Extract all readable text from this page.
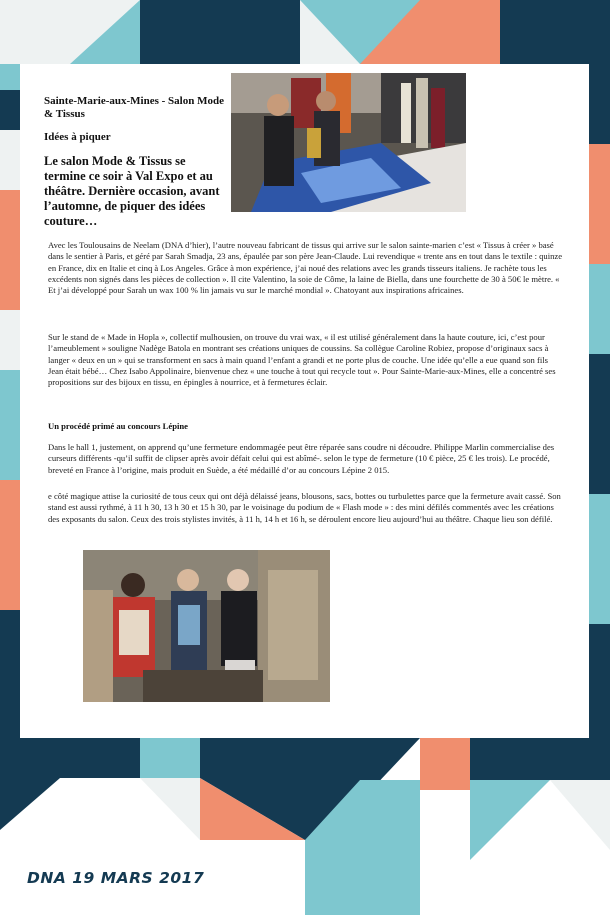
Sainte-Marie-aux-Mines - Salon Mode & Tissus

Idées à piquer

Le salon Mode & Tissus se termine ce soir à Val Expo et au théâtre. Dernière occasion, avant l’automne, de piquer des idées couture…

Avec les Toulousains de Neelam (DNA d’hier), l’autre nouveau fabricant de tissus qui arrive sur le salon sainte-marien c’est « Tissus à créer » basé dans le sentier à Paris, et géré par Sarah Smadja, 23 ans, épaulée par son père Jean-Claude. Lui revendique « trente ans en tout dans le textile : quinze en France, dix en Italie et cinq à Los Angeles. Grâce à mon expérience, j’ai noué des relations avec les grands tisseurs italiens. Je rachète tous les excédents non signés dans les pièces de collection ». Il cite Valentino, la soie de Côme, la laine de Biella, dans une fourchette de 30 à 50€ le mètre. « Et j’ai développé pour Sarah un wax 100 % lin jamais vu sur le marché mondial ». Chatoyant aux inspirations africaines.

Sur le stand de « Made in Hopla », collectif mulhousien, on trouve du vrai wax, « il est utilisé généralement dans la haute couture, ici, c’est pour l’ameublement » souligne Nadège Batola en montrant ses créations uniques de coussins. Sa collègue Caroline Robiez, propose d’originaux sacs à langer « deux en un » qui se transforment en sacs à main quand l’enfant a grandi et ne porte plus de couche. Une idée qu’elle a eue quand son fils Jean était bébé… Chez Isabo Appolinaire, bienvenue chez « une touche à tout qui recycle tout ». Pour Sainte-Marie-aux-Mines, elle a concentré ses propositions sur des bijoux en tissu, en épingles à nourrice, et à fermetures éclair.

Un procédé primé au concours Lépine

Dans le hall 1, justement, on apprend qu’une fermeture endommagée peut être réparée sans coudre ni découdre. Philippe Marlin commercialise des curseurs différents -qu’il suffit de clipser après avoir défait celui qui est abîmé-. selon le type de fermeture (10 € pièce, 25 € les trois). Le procédé, breveté en France à l’origine, mais produit en Suède, a été médaillé d’or au concours Lépine 2 015.

e côté magique attise la curiosité de tous ceux qui ont déjà délaissé jeans, blousons, sacs, bottes ou turbulettes parce que la fermeture avait cassé. Son stand est aussi rythmé, à 11 h 30, 13 h 30 et 15 h 30, par le voisinage du podium de « Flash mode » : des mini défilés commentés avec les créations des exposants du salon. Ceux des trois stylistes invités, à 11 h, 14 h et 16 h, se déroulent encore lieu aujourd’hui au théâtre. Chaque lieu son défilé.

DNA 19 MARS 2017
